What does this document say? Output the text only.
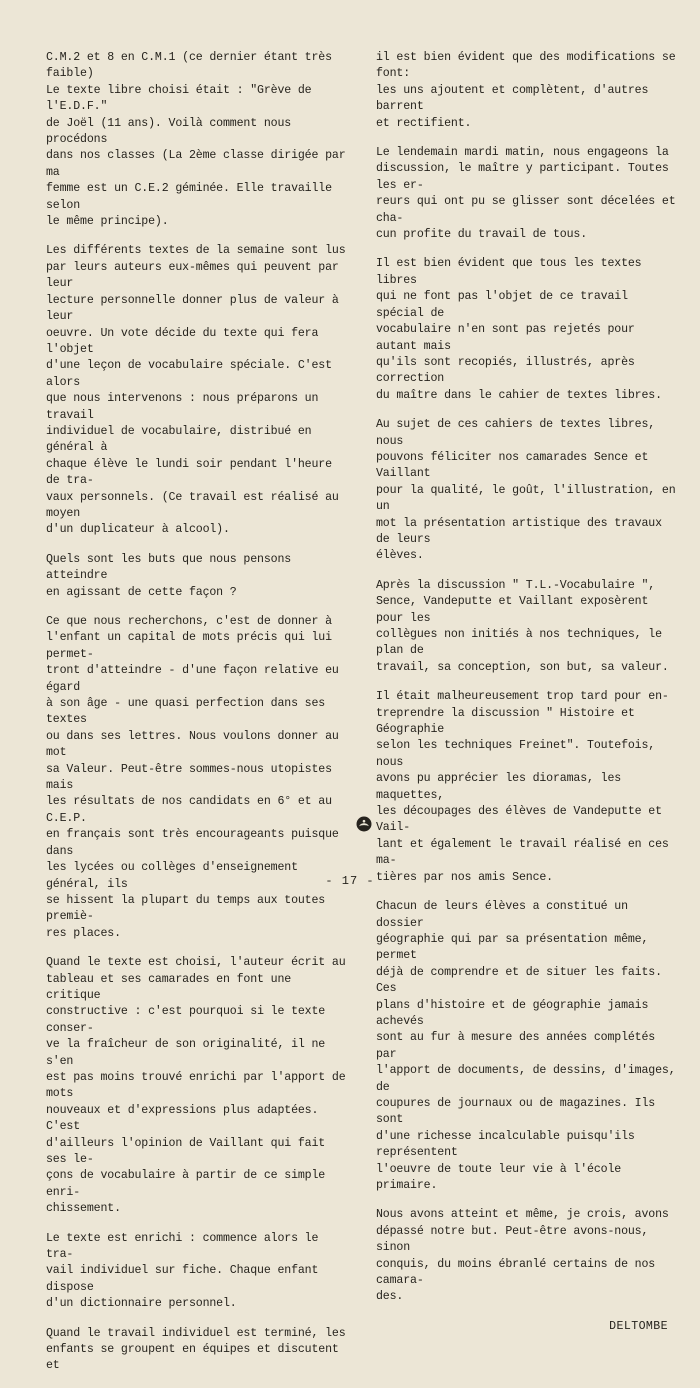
C.M.2 et 8 en C.M.1 (ce dernier étant très faible)
Le texte libre choisi était : "Grève de l'E.D.F."
de Joël (11 ans). Voilà comment nous procédons
dans nos classes (La 2ème classe dirigée par ma
femme est un C.E.2 géminée. Elle travaille selon
le même principe).

Les différents textes de la semaine sont lus
par leurs auteurs eux-mêmes qui peuvent par leur
lecture personnelle donner plus de valeur à leur
oeuvre. Un vote décide du texte qui fera l'objet
d'une leçon de vocabulaire spéciale. C'est alors
que nous intervenons : nous préparons un travail
individuel de vocabulaire, distribué en général à
chaque élève le lundi soir pendant l'heure de tra-
vaux personnels. (Ce travail est réalisé au moyen
d'un duplicateur à alcool).

Quels sont les buts que nous pensons atteindre
en agissant de cette façon ?

Ce que nous recherchons, c'est de donner à
l'enfant un capital de mots précis qui lui permet-
tront d'atteindre - d'une façon relative eu égard
à son âge - une quasi perfection dans ses textes
ou dans ses lettres. Nous voulons donner au mot
sa Valeur. Peut-être sommes-nous utopistes mais
les résultats de nos candidats en 6° et au C.E.P.
en français sont très encourageants puisque dans
les lycées ou collèges d'enseignement général, ils
se hissent la plupart du temps aux toutes premiè-
res places.

Quand le texte est choisi, l'auteur écrit au
tableau et ses camarades en font une critique
constructive : c'est pourquoi si le texte conser-
ve la fraîcheur de son originalité, il ne s'en
est pas moins trouvé enrichi par l'apport de mots
nouveaux et d'expressions plus adaptées. C'est
d'ailleurs l'opinion de Vaillant qui fait ses le-
çons de vocabulaire à partir de ce simple enri-
chissement.

Le texte est enrichi : commence alors le tra-
vail individuel sur fiche. Chaque enfant dispose
d'un dictionnaire personnel.

Quand le travail individuel est terminé, les
enfants se groupent en équipes et discutent et

il est bien évident que des modifications se font:
les uns ajoutent et complètent, d'autres barrent
et rectifient.

Le lendemain mardi matin, nous engageons la
discussion, le maître y participant. Toutes les er-
reurs qui ont pu se glisser sont décelées et cha-
cun profite du travail de tous.

Il est bien évident que tous les textes libres
qui ne font pas l'objet de ce travail spécial de
vocabulaire n'en sont pas rejetés pour autant mais
qu'ils sont recopiés, illustrés, après correction
du maître dans le cahier de textes libres.

Au sujet de ces cahiers de textes libres, nous
pouvons féliciter nos camarades Sence et Vaillant
pour la qualité, le goût, l'illustration, en un
mot la présentation artistique des travaux de leurs
élèves.

Après la discussion " T.L.-Vocabulaire ",
Sence, Vandeputte et Vaillant exposèrent pour les
collègues non initiés à nos techniques, le plan de
travail, sa conception, son but, sa valeur.

Il était malheureusement trop tard pour en-
treprendre la discussion " Histoire et Géographie
selon les techniques Freinet". Toutefois, nous
avons pu apprécier les dioramas, les maquettes,
les découpages des élèves de Vandeputte et Vail-
lant et également le travail réalisé en ces ma-
tières par nos amis Sence.

Chacun de leurs élèves a constitué un dossier
géographie qui par sa présentation même, permet
déjà de comprendre et de situer les faits. Ces
plans d'histoire et de géographie jamais achevés
sont au fur à mesure des années complétés par
l'apport de documents, de dessins, d'images, de
coupures de journaux ou de magazines. Ils sont
d'une richesse incalculable puisqu'ils représentent
l'oeuvre de toute leur vie à l'école primaire.

Nous avons atteint et même, je crois, avons
dépassé notre but. Peut-être avons-nous, sinon
conquis, du moins ébranlé certains de nos camara-
des.

DELTOMBE
- 17 -
